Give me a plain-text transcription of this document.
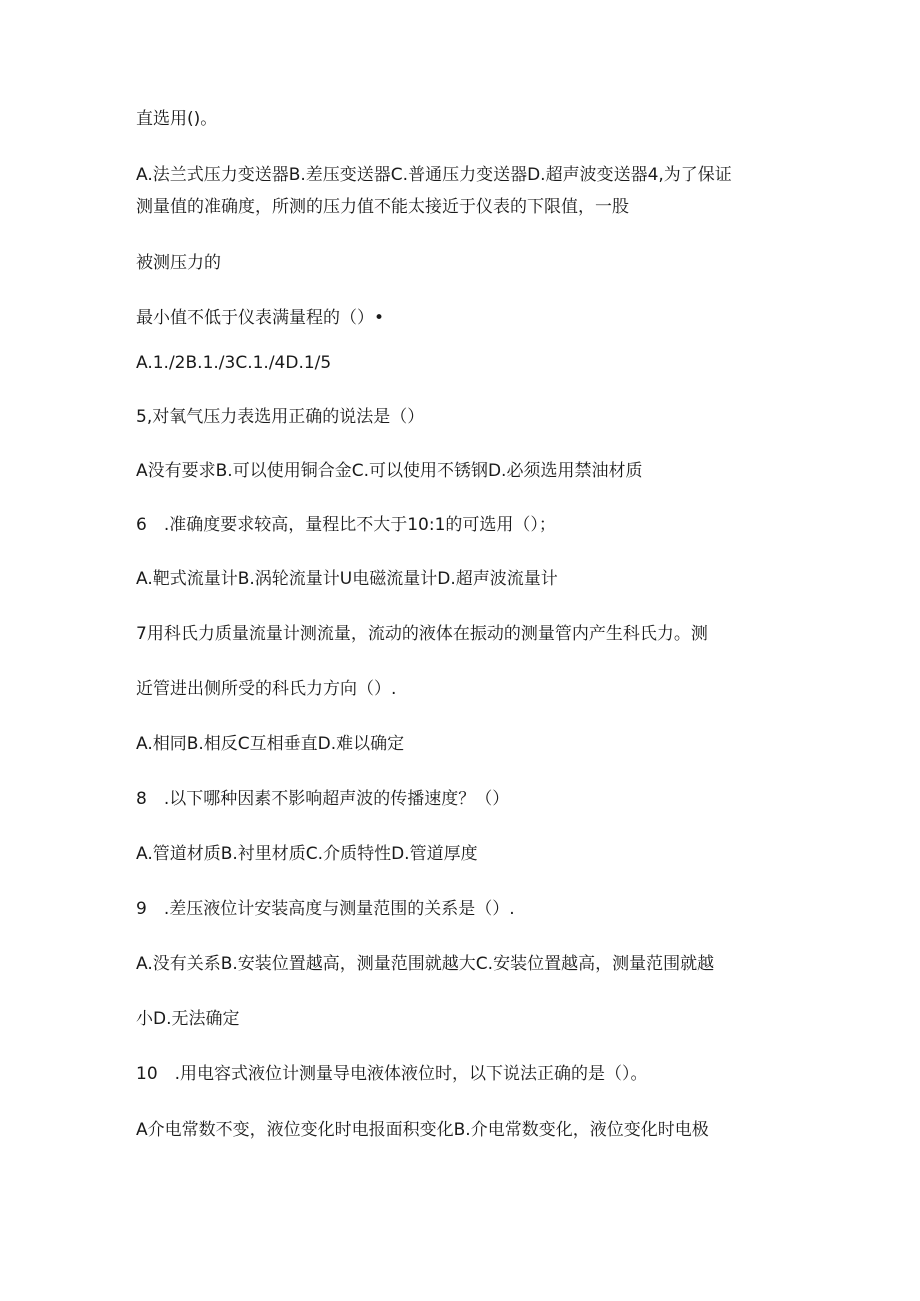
直选用()。
A.法兰式压力变送器B.差压变送器C.普通压力变送器D.超声波变送器4,为了保证
测量值的准确度，所测的压力值不能太接近于仪表的下限值，一股
被测压力的
最小值不低于仪表满量程的（）•
A.1./2B.1./3C.1./4D.1/5
5,对氧气压力表选用正确的说法是（）
A没有要求B.可以使用铜合金C.可以使用不锈钢D.必须选用禁油材质
6　.准确度要求较高，量程比不大于10:1的可选用（）；
A.靶式流量计B.涡轮流量计U电磁流量计D.超声波流量计
7用科氏力质量流量计测流量，流动的液体在振动的测量管内产生科氏力。测
近管进出侧所受的科氏力方向（）.
A.相同B.相反C互相垂直D.难以确定
8　.以下哪种因素不影响超声波的传播速度？（）
A.管道材质B.衬里材质C.介质特性D.管道厚度
9　.差压液位计安装高度与测量范围的关系是（）.
A.没有关系B.安装位置越高，测量范围就越大C.安装位置越高，测量范围就越
小D.无法确定
10　.用电容式液位计测量导电液体液位时，以下说法正确的是（）。
A介电常数不变，液位变化时电报面积变化B.介电常数变化，液位变化时电极
